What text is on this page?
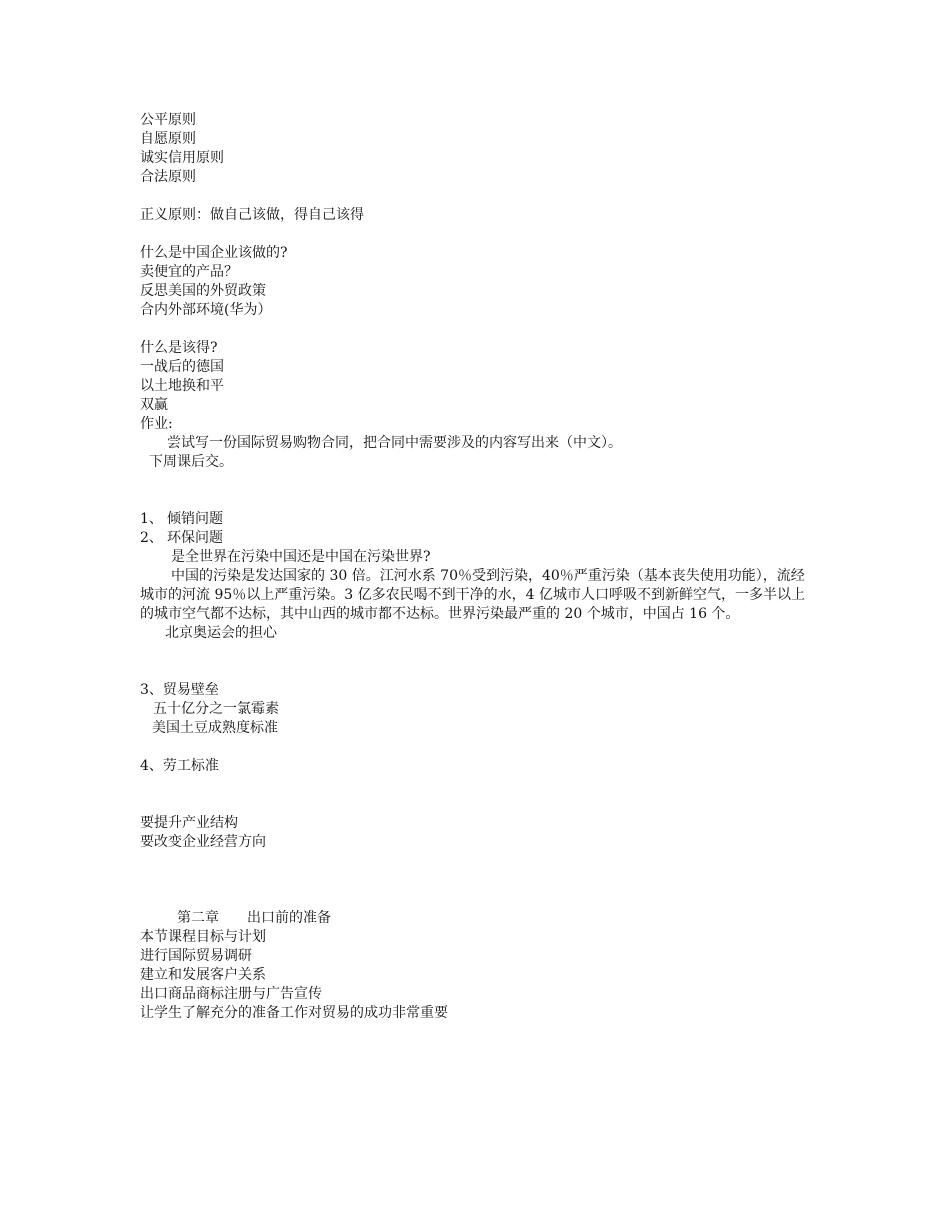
公平原则
自愿原则
诚实信用原则
合法原则
正义原则：做自己该做，得自己该得
什么是中国企业该做的?
卖便宜的产品？
反思美国的外贸政策
合内外部环境(华为）
什么是该得?
一战后的德国
以土地换和平
双赢
作业:
尝试写一份国际贸易购物合同，把合同中需要涉及的内容写出来（中文）。
下周课后交。
1、 倾销问题
2、 环保问题
是全世界在污染中国还是中国在污染世界?
中国的污染是发达国家的 30 倍。江河水系 70％受到污染，40％严重污染（基本丧失使用功能），流经城市的河流 95％以上严重污染。3 亿多农民喝不到干净的水，4 亿城市人口呼吸不到新鲜空气，一多半以上的城市空气都不达标，其中山西的城市都不达标。世界污染最严重的 20 个城市，中国占 16 个。
北京奥运会的担心
3、贸易壁垒
五十亿分之一氯霉素
美国土豆成熟度标准
4、劳工标准
要提升产业结构
要改变企业经营方向
第二章　　出口前的准备
本节课程目标与计划
进行国际贸易调研
建立和发展客户关系
出口商品商标注册与广告宣传
让学生了解充分的准备工作对贸易的成功非常重要
